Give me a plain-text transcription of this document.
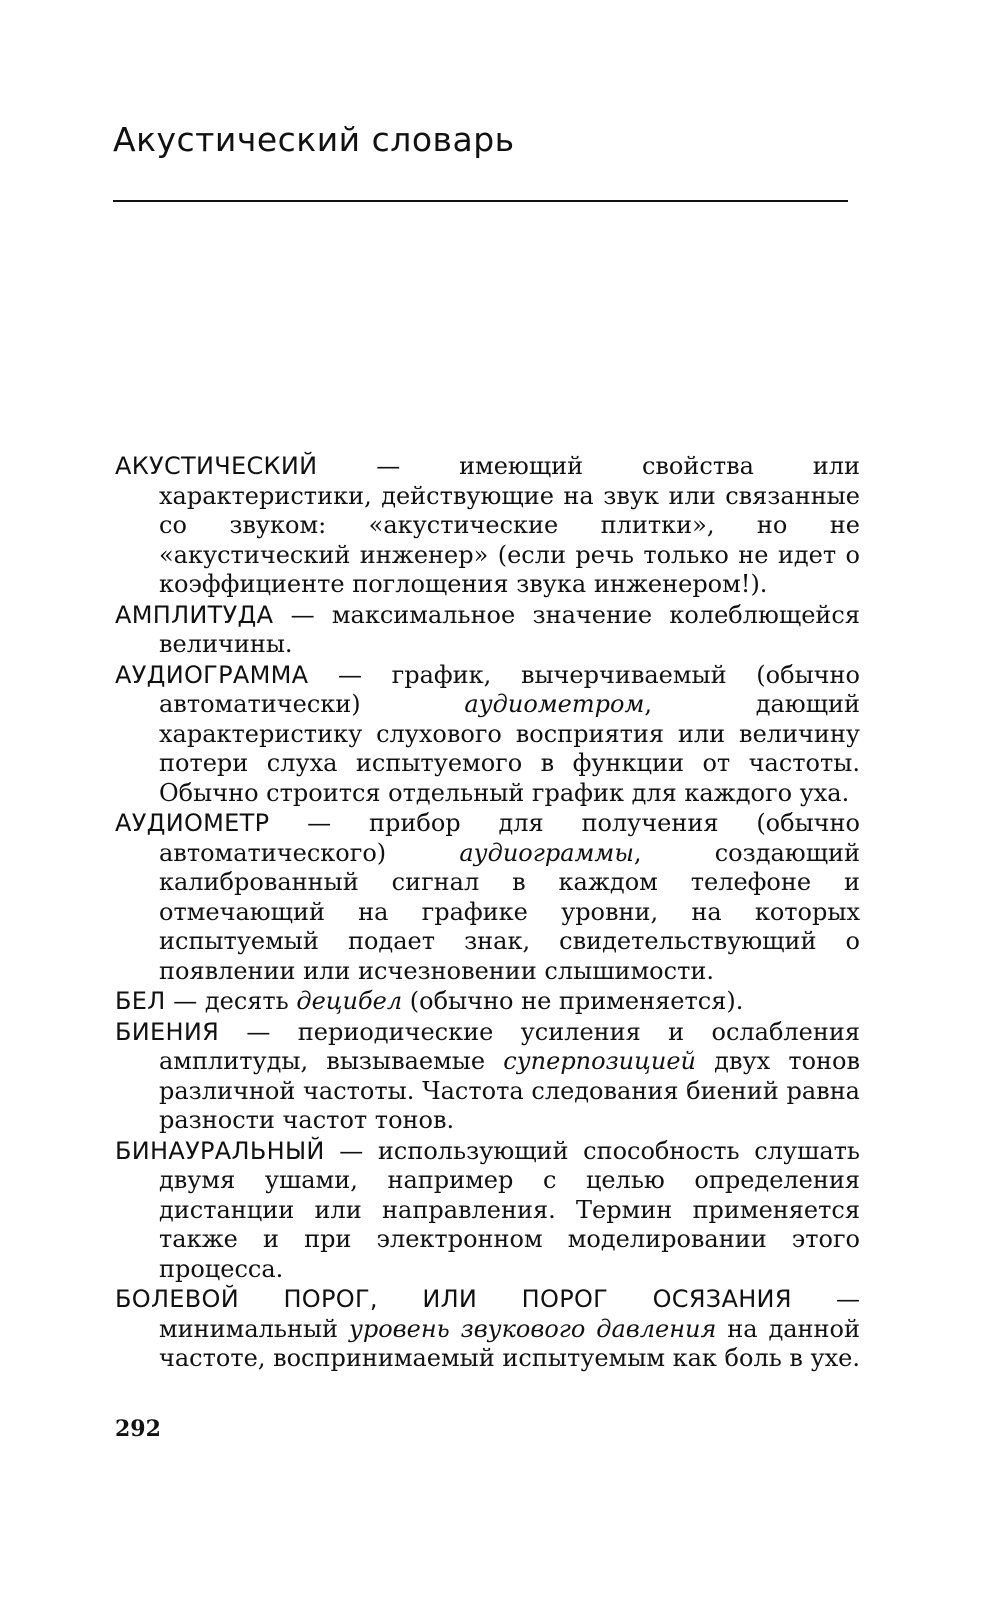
Акустический словарь
АКУСТИЧЕСКИЙ — имеющий свойства или характеристики, действующие на звук или связанные со звуком: «акустические плитки», но не «акустический инженер» (если речь только не идет о коэффициенте поглощения звука инженером!).
АМПЛИТУДА — максимальное значение колеблющейся величины.
АУДИОГРАММА — график, вычерчиваемый (обычно автоматически) аудиометром, дающий характеристику слухового восприятия или величину потери слуха испытуемого в функции от частоты. Обычно строится отдельный график для каждого уха.
АУДИОМЕТР — прибор для получения (обычно автоматического) аудиограммы, создающий калиброванный сигнал в каждом телефоне и отмечающий на графике уровни, на которых испытуемый подает знак, свидетельствующий о появлении или исчезновении слышимости.
БЕЛ — десять децибел (обычно не применяется).
БИЕНИЯ — периодические усиления и ослабления амплитуды, вызываемые суперпозицией двух тонов различной частоты. Частота следования биений равна разности частот тонов.
БИНАУРАЛЬНЫЙ — использующий способность слушать двумя ушами, например с целью определения дистанции или направления. Термин применяется также и при электронном моделировании этого процесса.
БОЛЕВОЙ ПОРОГ, ИЛИ ПОРОГ ОСЯЗАНИЯ — минимальный уровень звукового давления на данной частоте, воспринимаемый испытуемым как боль в ухе.

292
